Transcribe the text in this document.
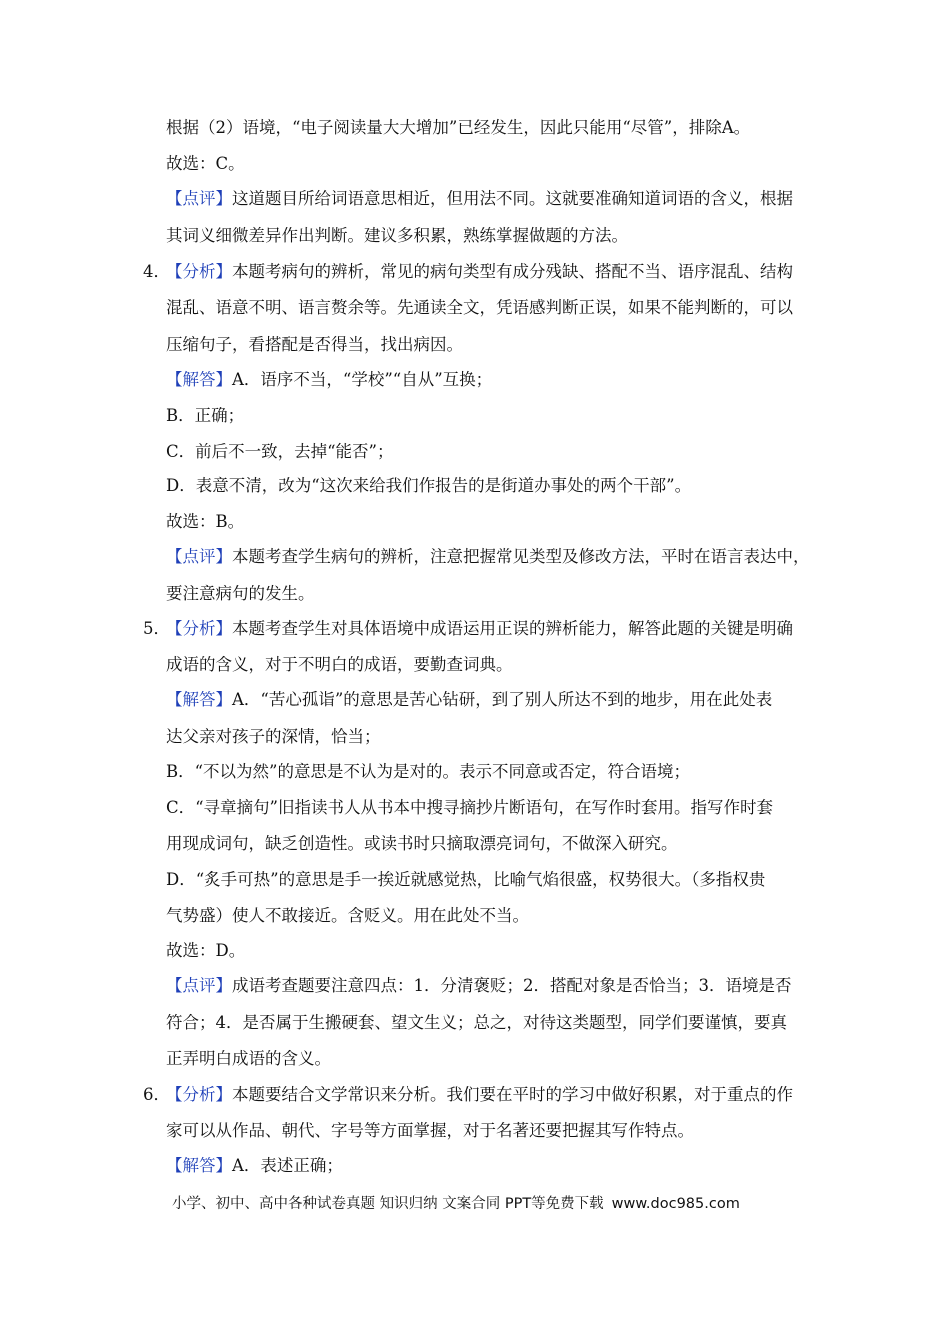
根据（2）语境，“电子阅读量大大增加”已经发生，因此只能用“尽管”，排除A。
故选：C。
【点评】这道题目所给词语意思相近，但用法不同。这就要准确知道词语的含义，根据
其词义细微差异作出判断。建议多积累，熟练掌握做题的方法。
4．
【分析】本题考病句的辨析，常见的病句类型有成分残缺、搭配不当、语序混乱、结构
混乱、语意不明、语言赘余等。先通读全文，凭语感判断正误，如果不能判断的，可以
压缩句子，看搭配是否得当，找出病因。
【解答】A．语序不当，“学校”“自从”互换；
B．正确；
C．前后不一致，去掉“能否”；
D．表意不清，改为“这次来给我们作报告的是街道办事处的两个干部”。
故选：B。
【点评】本题考查学生病句的辨析，注意把握常见类型及修改方法，平时在语言表达中，
要注意病句的发生。
5．
【分析】本题考查学生对具体语境中成语运用正误的辨析能力，解答此题的关键是明确
成语的含义，对于不明白的成语，要勤查词典。
【解答】A．“苦心孤诣”的意思是苦心钻研，到了别人所达不到的地步，用在此处表
达父亲对孩子的深情，恰当；
B．“不以为然”的意思是不认为是对的。表示不同意或否定，符合语境；
C．“寻章摘句”旧指读书人从书本中搜寻摘抄片断语句，在写作时套用。指写作时套
用现成词句，缺乏创造性。或读书时只摘取漂亮词句，不做深入研究。
D．“炙手可热”的意思是手一挨近就感觉热，比喻气焰很盛，权势很大。（多指权贵
气势盛）使人不敢接近。含贬义。用在此处不当。
故选：D。
【点评】成语考查题要注意四点：1．分清褒贬；2．搭配对象是否恰当；3．语境是否
符合；4．是否属于生搬硬套、望文生义；总之，对待这类题型，同学们要谨慎，要真
正弄明白成语的含义。
6．
【分析】本题要结合文学常识来分析。我们要在平时的学习中做好积累，对于重点的作
家可以从作品、朝代、字号等方面掌握，对于名著还要把握其写作特点。
【解答】A．表述正确；
小学、初中、高中各种试卷真题 知识归纳 文案合同 PPT等免费下载 www.doc985.com
